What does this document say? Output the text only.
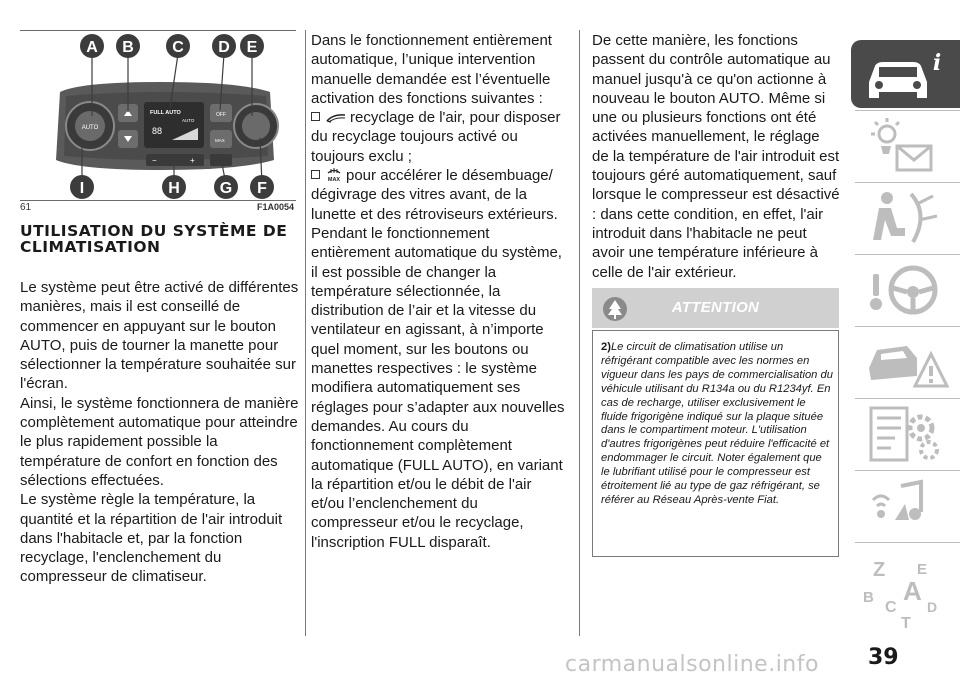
AUTO
FULL AUTO
AUTO
88
OFF
MAX
−	+
A B C D E
I	H G F
61	F1A0054
UTILISATION DU SYSTÈME DE CLIMATISATION

Le système peut être activé de différentes manières, mais il est conseillé de commencer en appuyant sur le bouton AUTO, puis de tourner la manette pour sélectionner la température souhaitée sur l'écran.

Ainsi, le système fonctionnera de manière complètement automatique pour atteindre le plus rapidement possible la température de confort en fonction des sélections effectuées.

Le système règle la température, la quantité et la répartition de l'air introduit dans l'habitacle et, par la fonction recyclage, l'enclenchement du compresseur de climatiseur.

Dans le fonctionnement entièrement automatique, l’unique intervention manuelle demandée est l’éventuelle activation des fonctions suivantes :

recyclage de l'air, pour disposer du recyclage toujours activé ou toujours exclu ;

MAX pour accélérer le désembuage/ dégivrage des vitres avant, de la lunette et des rétroviseurs extérieurs.

Pendant le fonctionnement entièrement automatique du système, il est possible de changer la température sélectionnée, la distribution de l’air et la vitesse du ventilateur en agissant, à n’importe quel moment, sur les boutons ou manettes respectives : le système modifiera automatiquement ses réglages pour s’adapter aux nouvelles demandes. Au cours du fonctionnement complètement automatique (FULL AUTO), en variant la répartition et/ou le débit de l'air et/ou l’enclenchement du compresseur et/ou le recyclage, l'inscription FULL disparaît.

De cette manière, les fonctions passent du contrôle automatique au manuel jusqu'à ce qu'on actionne à nouveau le bouton AUTO. Même si une ou plusieurs fonctions ont été activées manuellement, le réglage de la température de l'air introduit est toujours géré automatiquement, sauf lorsque le compresseur est désactivé : dans cette condition, en effet, l'air introduit dans l'habitacle ne peut avoir une température inférieure à celle de l'air extérieur.

ATTENTION
2)Le circuit de climatisation utilise un réfrigérant compatible avec les normes en vigueur dans les pays de commercialisation du véhicule utilisant du R134a ou du R1234yf. En cas de recharge, utiliser exclusivement le fluide frigorigène indiqué sur la plaque située dans le compartiment moteur. L'utilisation d'autres frigorigènes peut réduire l'efficacité et endommager le circuit. Noter également que le lubrifiant utilisé pour le compresseur est étroitement lié au type de gaz réfrigérant, se référer au Réseau Après-vente Fiat.
i
Z E
A
B
C D
T
carmanualsonline.info 39
